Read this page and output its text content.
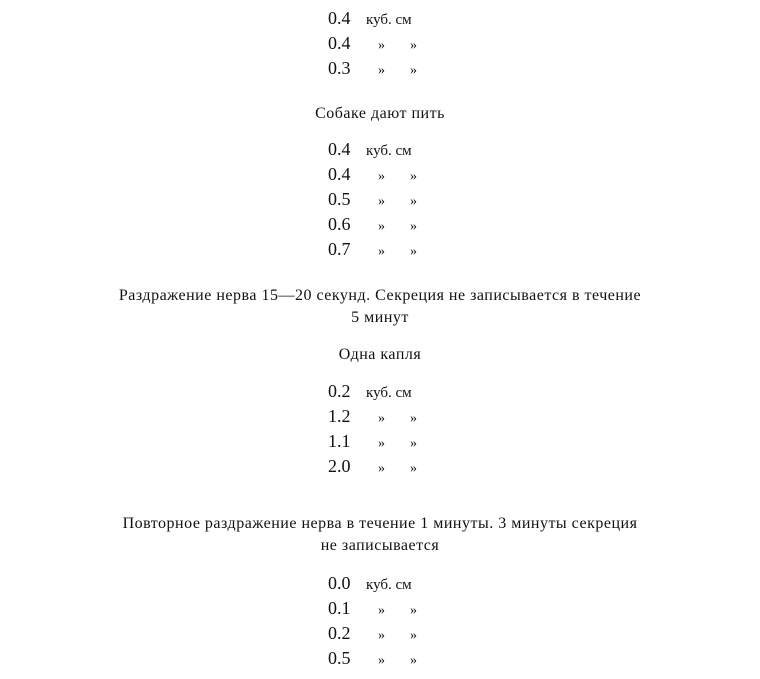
0.4 куб. см
0.4 » »
0.3 » »
Собаке дают пить
0.4 куб. см
0.4 » »
0.5 » »
0.6 » »
0.7 » »
Раздражение нерва 15—20 секунд. Секреция не записывается в течение
5 минут
Одна капля
0.2 куб. см
1.2 » »
1.1 » »
2.0 » »
Повторное раздражение нерва в течение 1 минуты. 3 минуты секреция
не записывается
0.0 куб. см
0.1 » »
0.2 » »
0.5 » »
